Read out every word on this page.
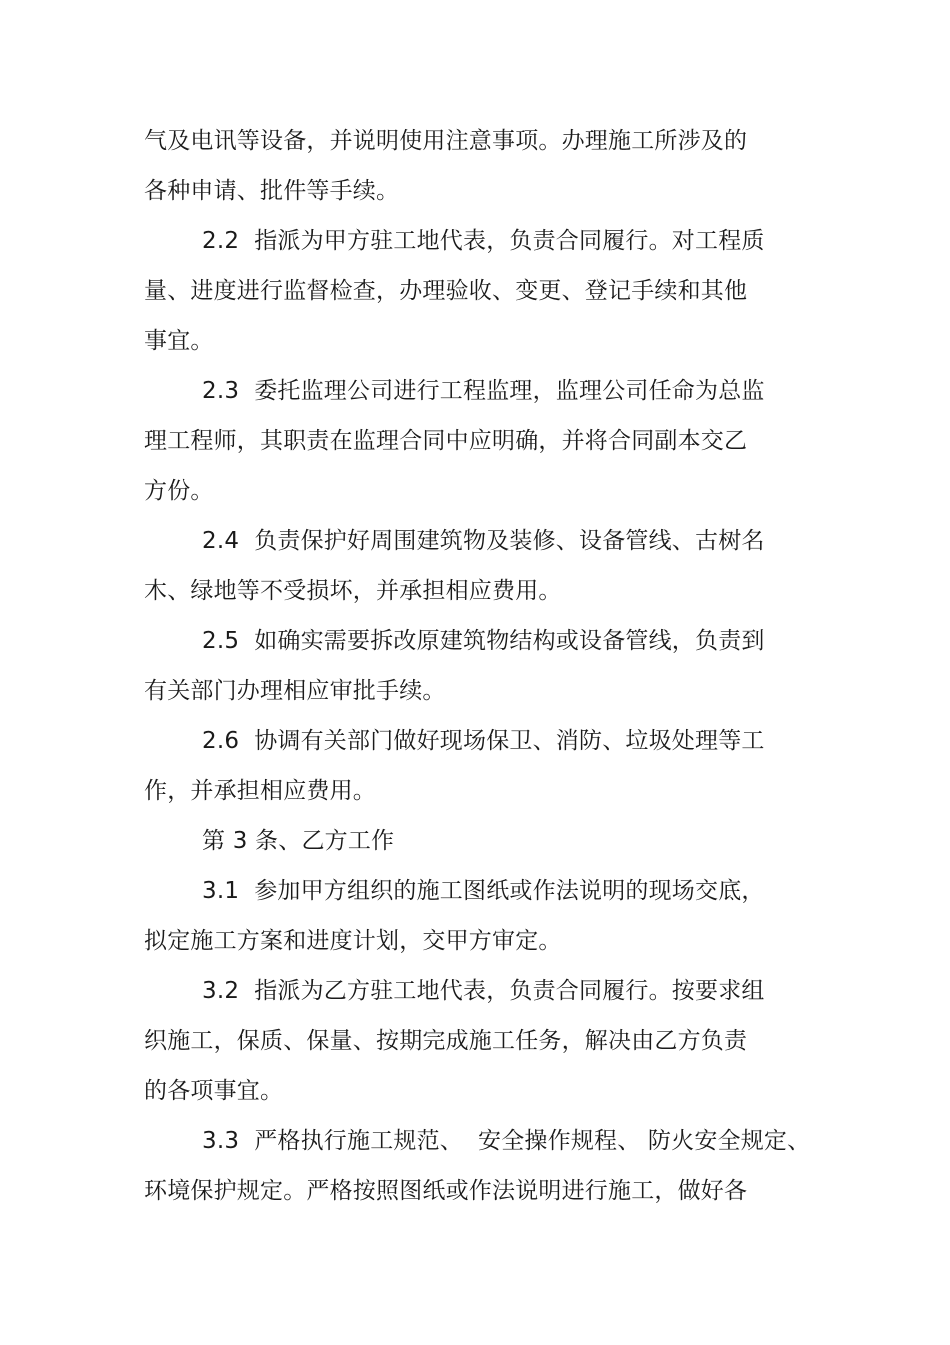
气及电讯等设备，并说明使用注意事项。办理施工所涉及的
各种申请、批件等手续。
2.2  指派为甲方驻工地代表，负责合同履行。对工程质
量、进度进行监督检查，办理验收、变更、登记手续和其他
事宜。
2.3  委托监理公司进行工程监理，监理公司任命为总监
理工程师，其职责在监理合同中应明确，并将合同副本交乙
方份。
2.4  负责保护好周围建筑物及装修、设备管线、古树名
木、绿地等不受损坏，并承担相应费用。
2.5  如确实需要拆改原建筑物结构或设备管线，负责到
有关部门办理相应审批手续。
2.6  协调有关部门做好现场保卫、消防、垃圾处理等工
作，并承担相应费用。
第 3 条、乙方工作
3.1  参加甲方组织的施工图纸或作法说明的现场交底，
拟定施工方案和进度计划，交甲方审定。
3.2  指派为乙方驻工地代表，负责合同履行。按要求组
织施工，保质、保量、按期完成施工任务，解决由乙方负责
的各项事宜。
3.3  严格执行施工规范、  安全操作规程、 防火安全规定、
环境保护规定。严格按照图纸或作法说明进行施工，做好各
